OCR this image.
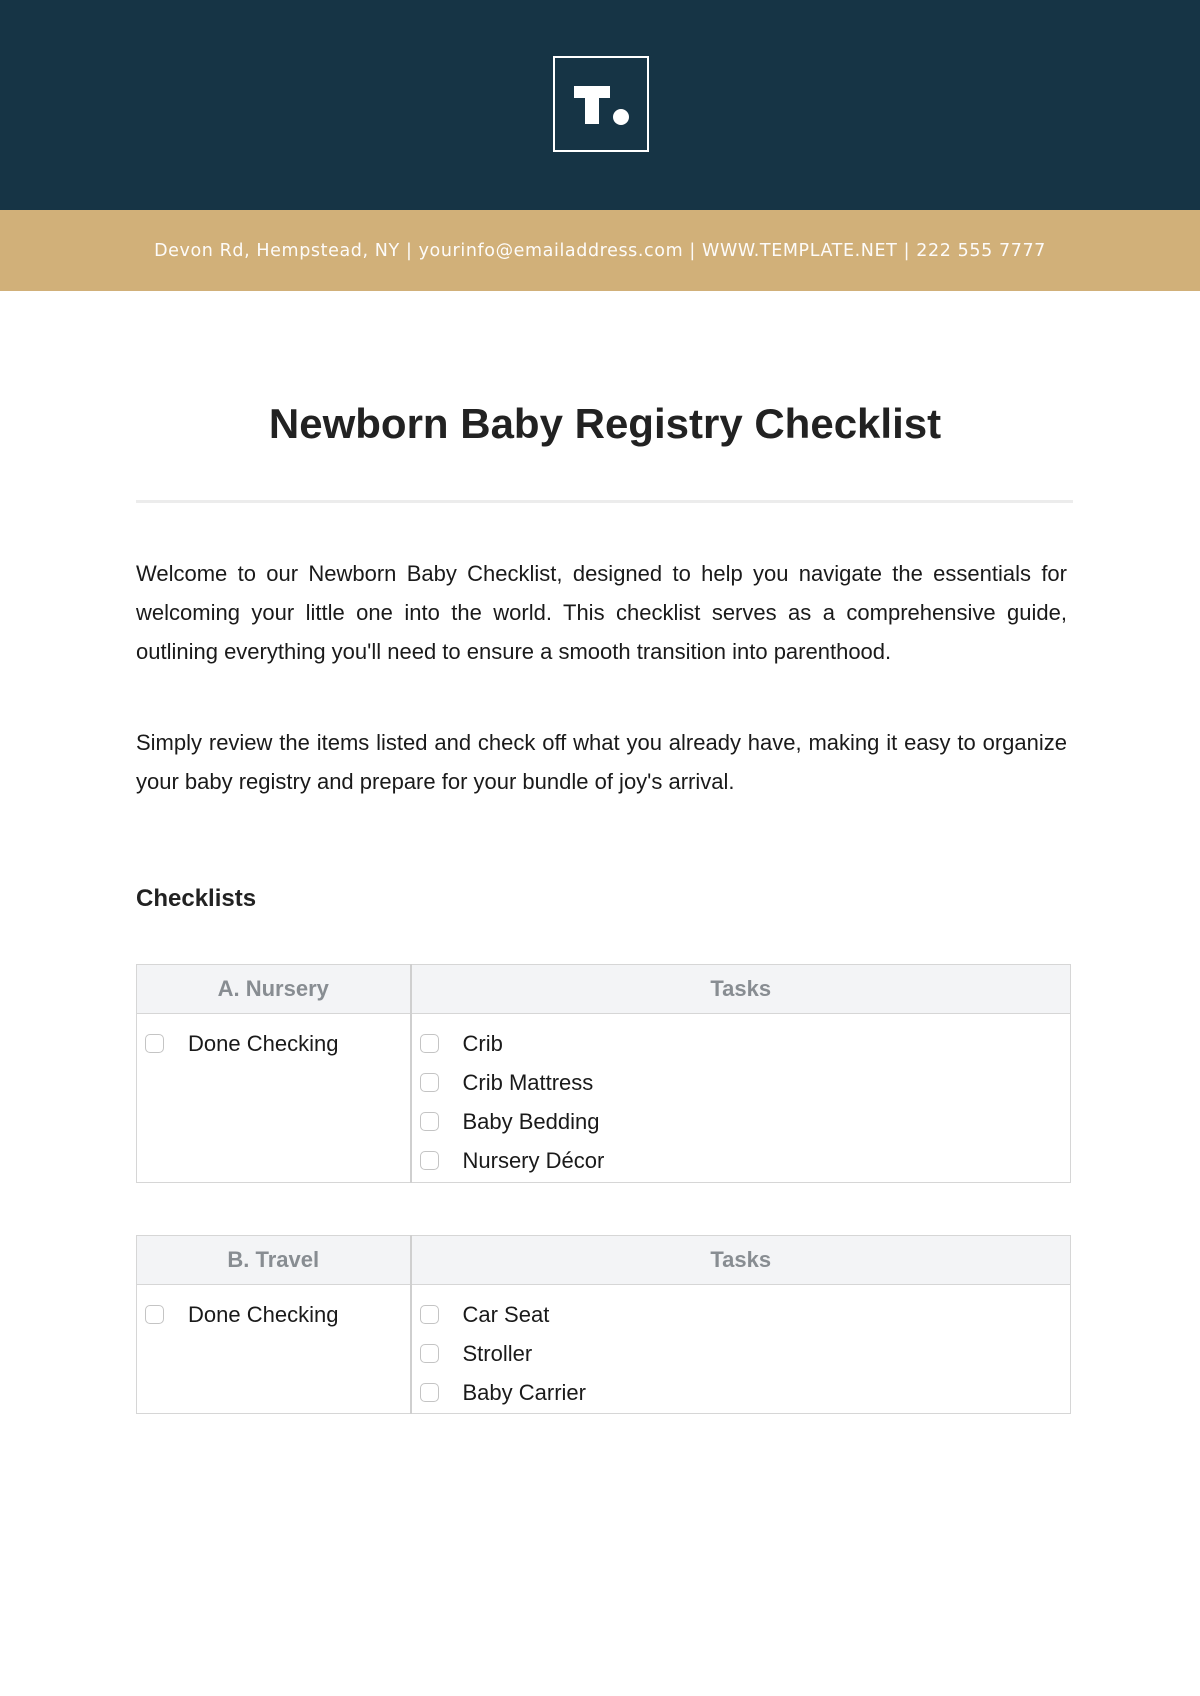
Devon Rd, Hempstead, NY | yourinfo@emailaddress.com | WWW.TEMPLATE.NET | 222 555 7777
Newborn Baby Registry Checklist

Welcome to our Newborn Baby Checklist, designed to help you navigate the essentials for welcoming your little one into the world. This checklist serves as a comprehensive guide, outlining everything you'll need to ensure a smooth transition into parenthood.

Simply review the items listed and check off what you already have, making it easy to organize your baby registry and prepare for your bundle of joy's arrival.

Checklists
A. Nursery	Tasks

Done Checking	Crib
Crib Mattress
Baby Bedding
Nursery Décor
B. Travel	Tasks

Done Checking	Car Seat
Stroller
Baby Carrier
